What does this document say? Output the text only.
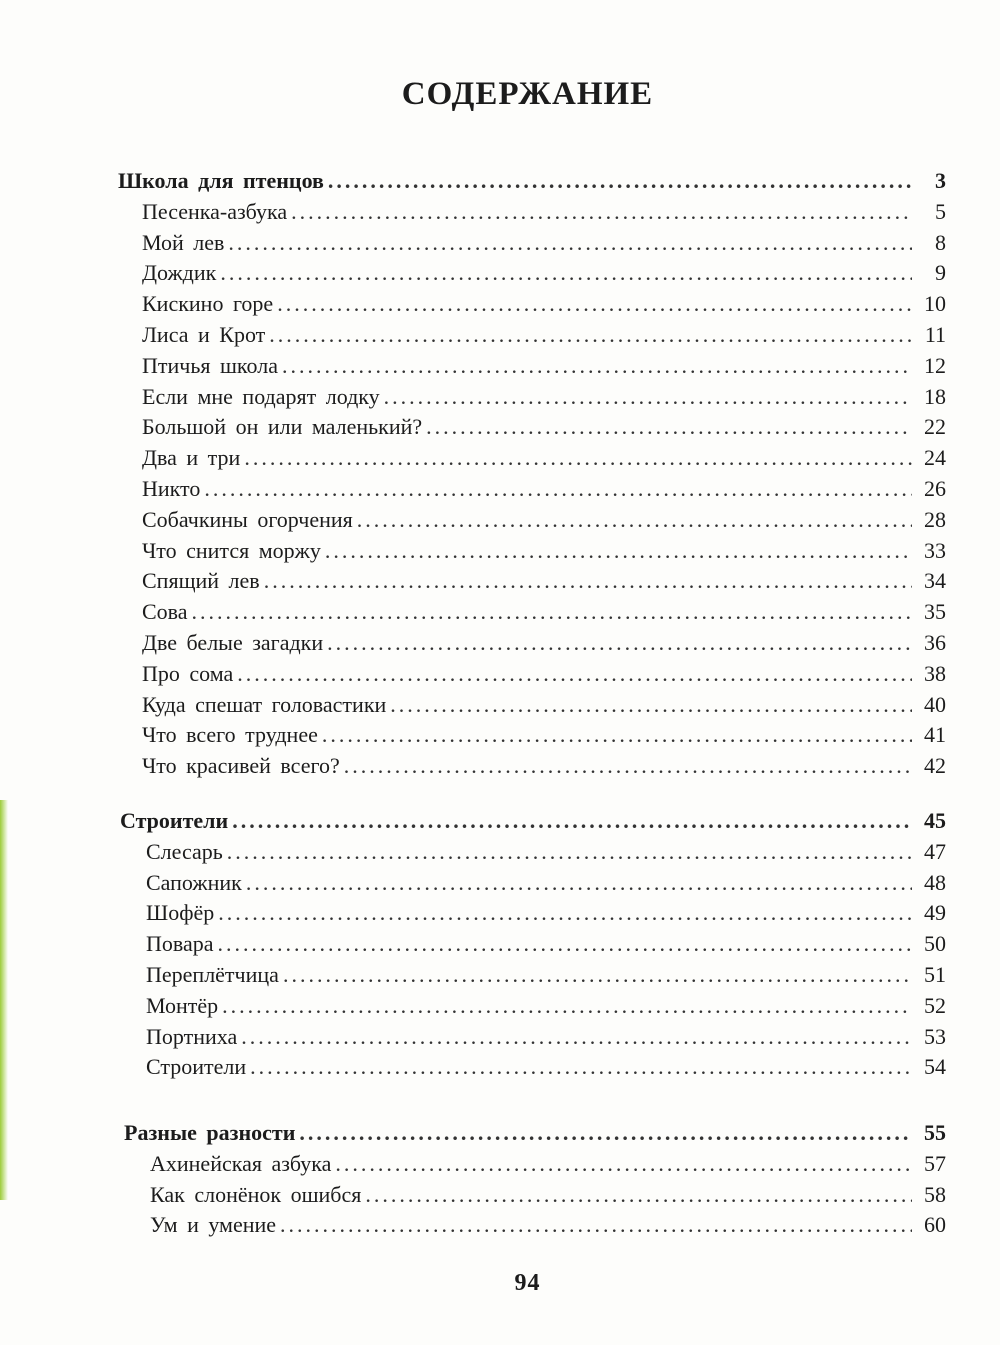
СОДЕРЖАНИЕ
Школа для птенцов .....	3
Песенка-азбука .....	5
Мой лев .....	8
Дождик .....	9
Кискино горе .....	10
Лиса и Крот .....	11
Птичья школа .....	12
Если мне подарят лодку .....	18
Большой он или маленький? .....	22
Два и три .....	24
Никто .....	26
Собачкины огорчения .....	28
Что снится моржу .....	33
Спящий лев .....	34
Сова .....	35
Две белые загадки .....	36
Про сома .....	38
Куда спешат головастики .....	40
Что всего труднее .....	41
Что красивей всего? .....	42
Строители .....	45
Слесарь .....	47
Сапожник .....	48
Шофёр .....	49
Повара .....	50
Переплётчица .....	51
Монтёр .....	52
Портниха .....	53
Строители .....	54
Разные разности .....	55
Ахинейская азбука .....	57
Как слонёнок ошибся .....	58
Ум и умение .....	60
94
